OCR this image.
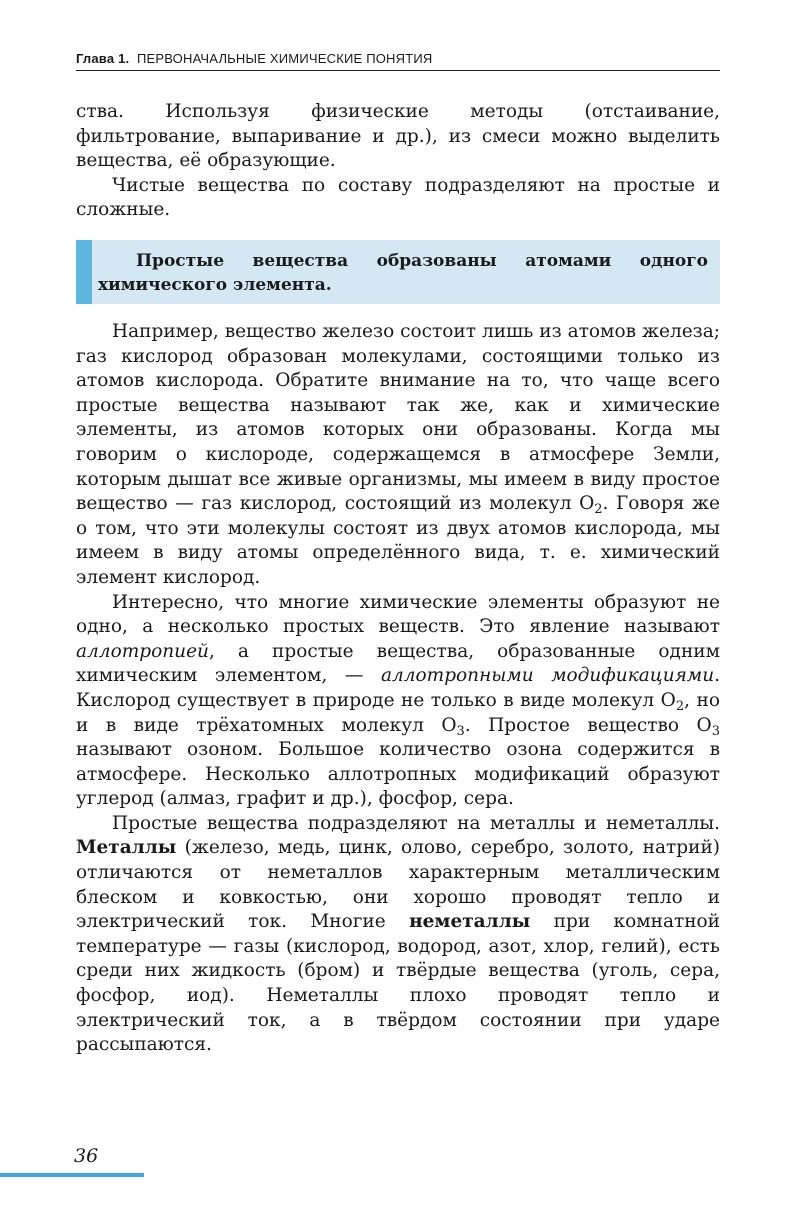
Глава 1. ПЕРВОНАЧАЛЬНЫЕ ХИМИЧЕСКИЕ ПОНЯТИЯ

ства. Используя физические методы (отстаивание, фильтрование, выпаривание и др.), из смеси можно выделить вещества, её образующие.

Чистые вещества по составу подразделяют на простые и сложные.

Простые вещества образованы атомами одного химического элемента.

Например, вещество железо состоит лишь из атомов железа; газ кислород образован молекулами, состоящими только из атомов кислорода. Обратите внимание на то, что чаще всего простые вещества называют так же, как и химические элементы, из атомов которых они образованы. Когда мы говорим о кислороде, содержащемся в атмосфере Земли, которым дышат все живые организмы, мы имеем в виду простое вещество — газ кислород, состоящий из молекул $O_2$. Говоря же о том, что эти молекулы состоят из двух атомов кислорода, мы имеем в виду атомы определённого вида, т. е. химический элемент кислород.

Интересно, что многие химические элементы образуют не одно, а несколько простых веществ. Это явление называют аллотропией, а простые вещества, образованные одним химическим элементом, — аллотропными модификациями. Кислород существует в природе не только в виде молекул $O_2$, но и в виде трёхатомных молекул $O_3$. Простое вещество $O_3$ называют озоном. Большое количество озона содержится в атмосфере. Несколько аллотропных модификаций образуют углерод (алмаз, графит и др.), фосфор, сера.

Простые вещества подразделяют на металлы и неметаллы. Металлы (железо, медь, цинк, олово, серебро, золото, натрий) отличаются от неметаллов характерным металлическим блеском и ковкостью, они хорошо проводят тепло и электрический ток. Многие неметаллы при комнатной температуре — газы (кислород, водород, азот, хлор, гелий), есть среди них жидкость (бром) и твёрдые вещества (уголь, сера, фосфор, иод). Неметаллы плохо проводят тепло и электрический ток, а в твёрдом состоянии при ударе рассыпаются.

36
